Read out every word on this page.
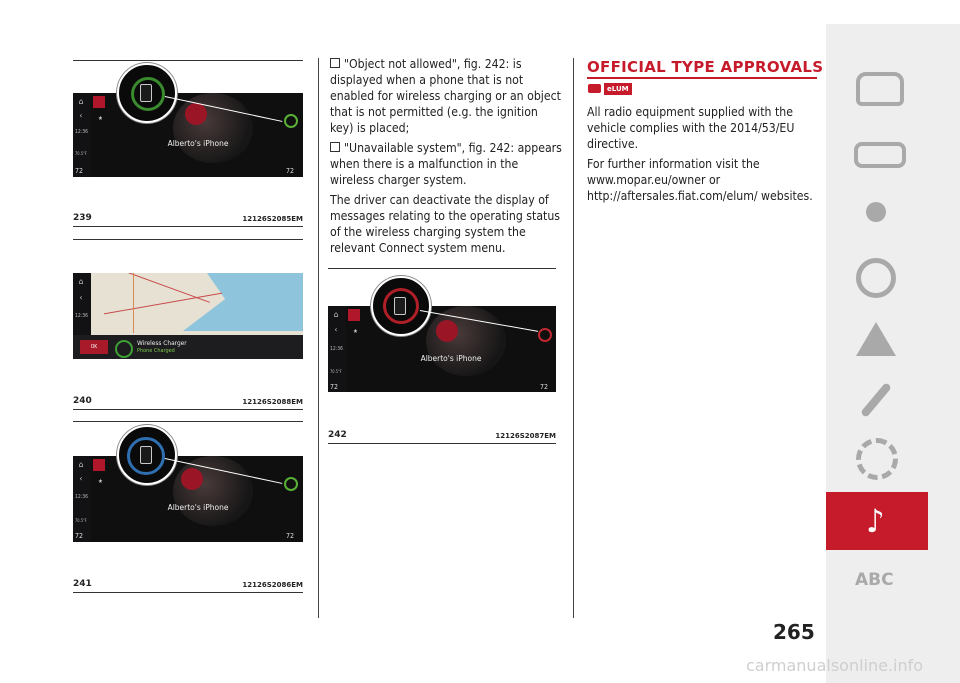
⌂
‹
12:36
70.5°F
72
★
Alberto's iPhone
72
239	12126S2085EM
⌂
‹
12:36
OK	Wireless Charger
Phone Charged
240	12126S2088EM
⌂
‹
12:36
70.5°F
72
★
Alberto's iPhone
72
241	12126S2086EM

"Object not allowed", fig. 242: is displayed when a phone that is not enabled for wireless charging or an object that is not permitted (e.g. the ignition key) is placed;

"Unavailable system", fig. 242: appears when there is a malfunction in the wireless charger system.

The driver can deactivate the display of messages relating to the operating status of the wireless charging system the relevant Connect system menu.

⌂
‹
12:36
70.5°F
72
★
Alberto's iPhone
72
242	12126S2087EM
OFFICIAL TYPE APPROVALS
eLUM

All radio equipment supplied with the vehicle complies with the 2014/53/EU directive.

For further information visit the www.mopar.eu/owner or http://aftersales.fiat.com/elum/ websites.

♪
ABC
265
carmanualsonline.info
